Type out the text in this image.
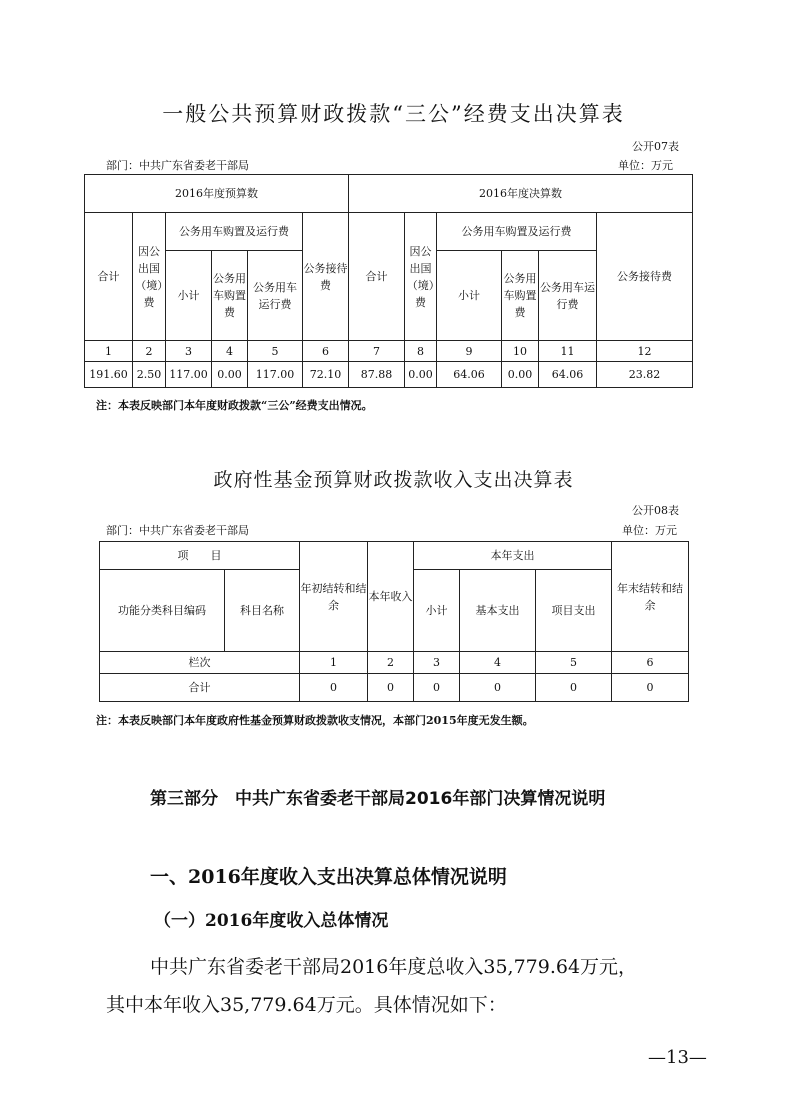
一般公共预算财政拨款“三公”经费支出决算表
公开07表
部门：中共广东省委老干部局	单位：万元
2016年度预算数						2016年度决算数					
合计	因公出国（境）费	公务用车购置及运行费			公务接待费	合计	因公出国（境）费	公务用车购置及运行费			公务接待费
		小计	公务用车购置费	公务用车运行费				小计	公务用车购置费	公务用车运行费	
1	2	3	4	5	6	7	8	9	10	11	12
191.60	2.50	117.00	0.00	117.00	72.10	87.88	0.00	64.06	0.00	64.06	23.82
注：本表反映部门本年度财政拨款“三公”经费支出情况。
政府性基金预算财政拨款收入支出决算表
公开08表
部门：中共广东省委老干部局	单位：万元
项　　目		年初结转和结余	本年收入	本年支出			年末结转和结余
功能分类科目编码	科目名称			小计	基本支出	项目支出	
栏次		1	2	3	4	5	6
合计		0	0	0	0	0	0
注：本表反映部门本年度政府性基金预算财政拨款收支情况，本部门2015年度无发生额。
第三部分　中共广东省委老干部局2016年部门决算情况说明
一、2016年度收入支出决算总体情况说明
（一）2016年度收入总体情况
中共广东省委老干部局2016年度总收入35,779.64万元，
其中本年收入35,779.64万元。具体情况如下：
—13—
